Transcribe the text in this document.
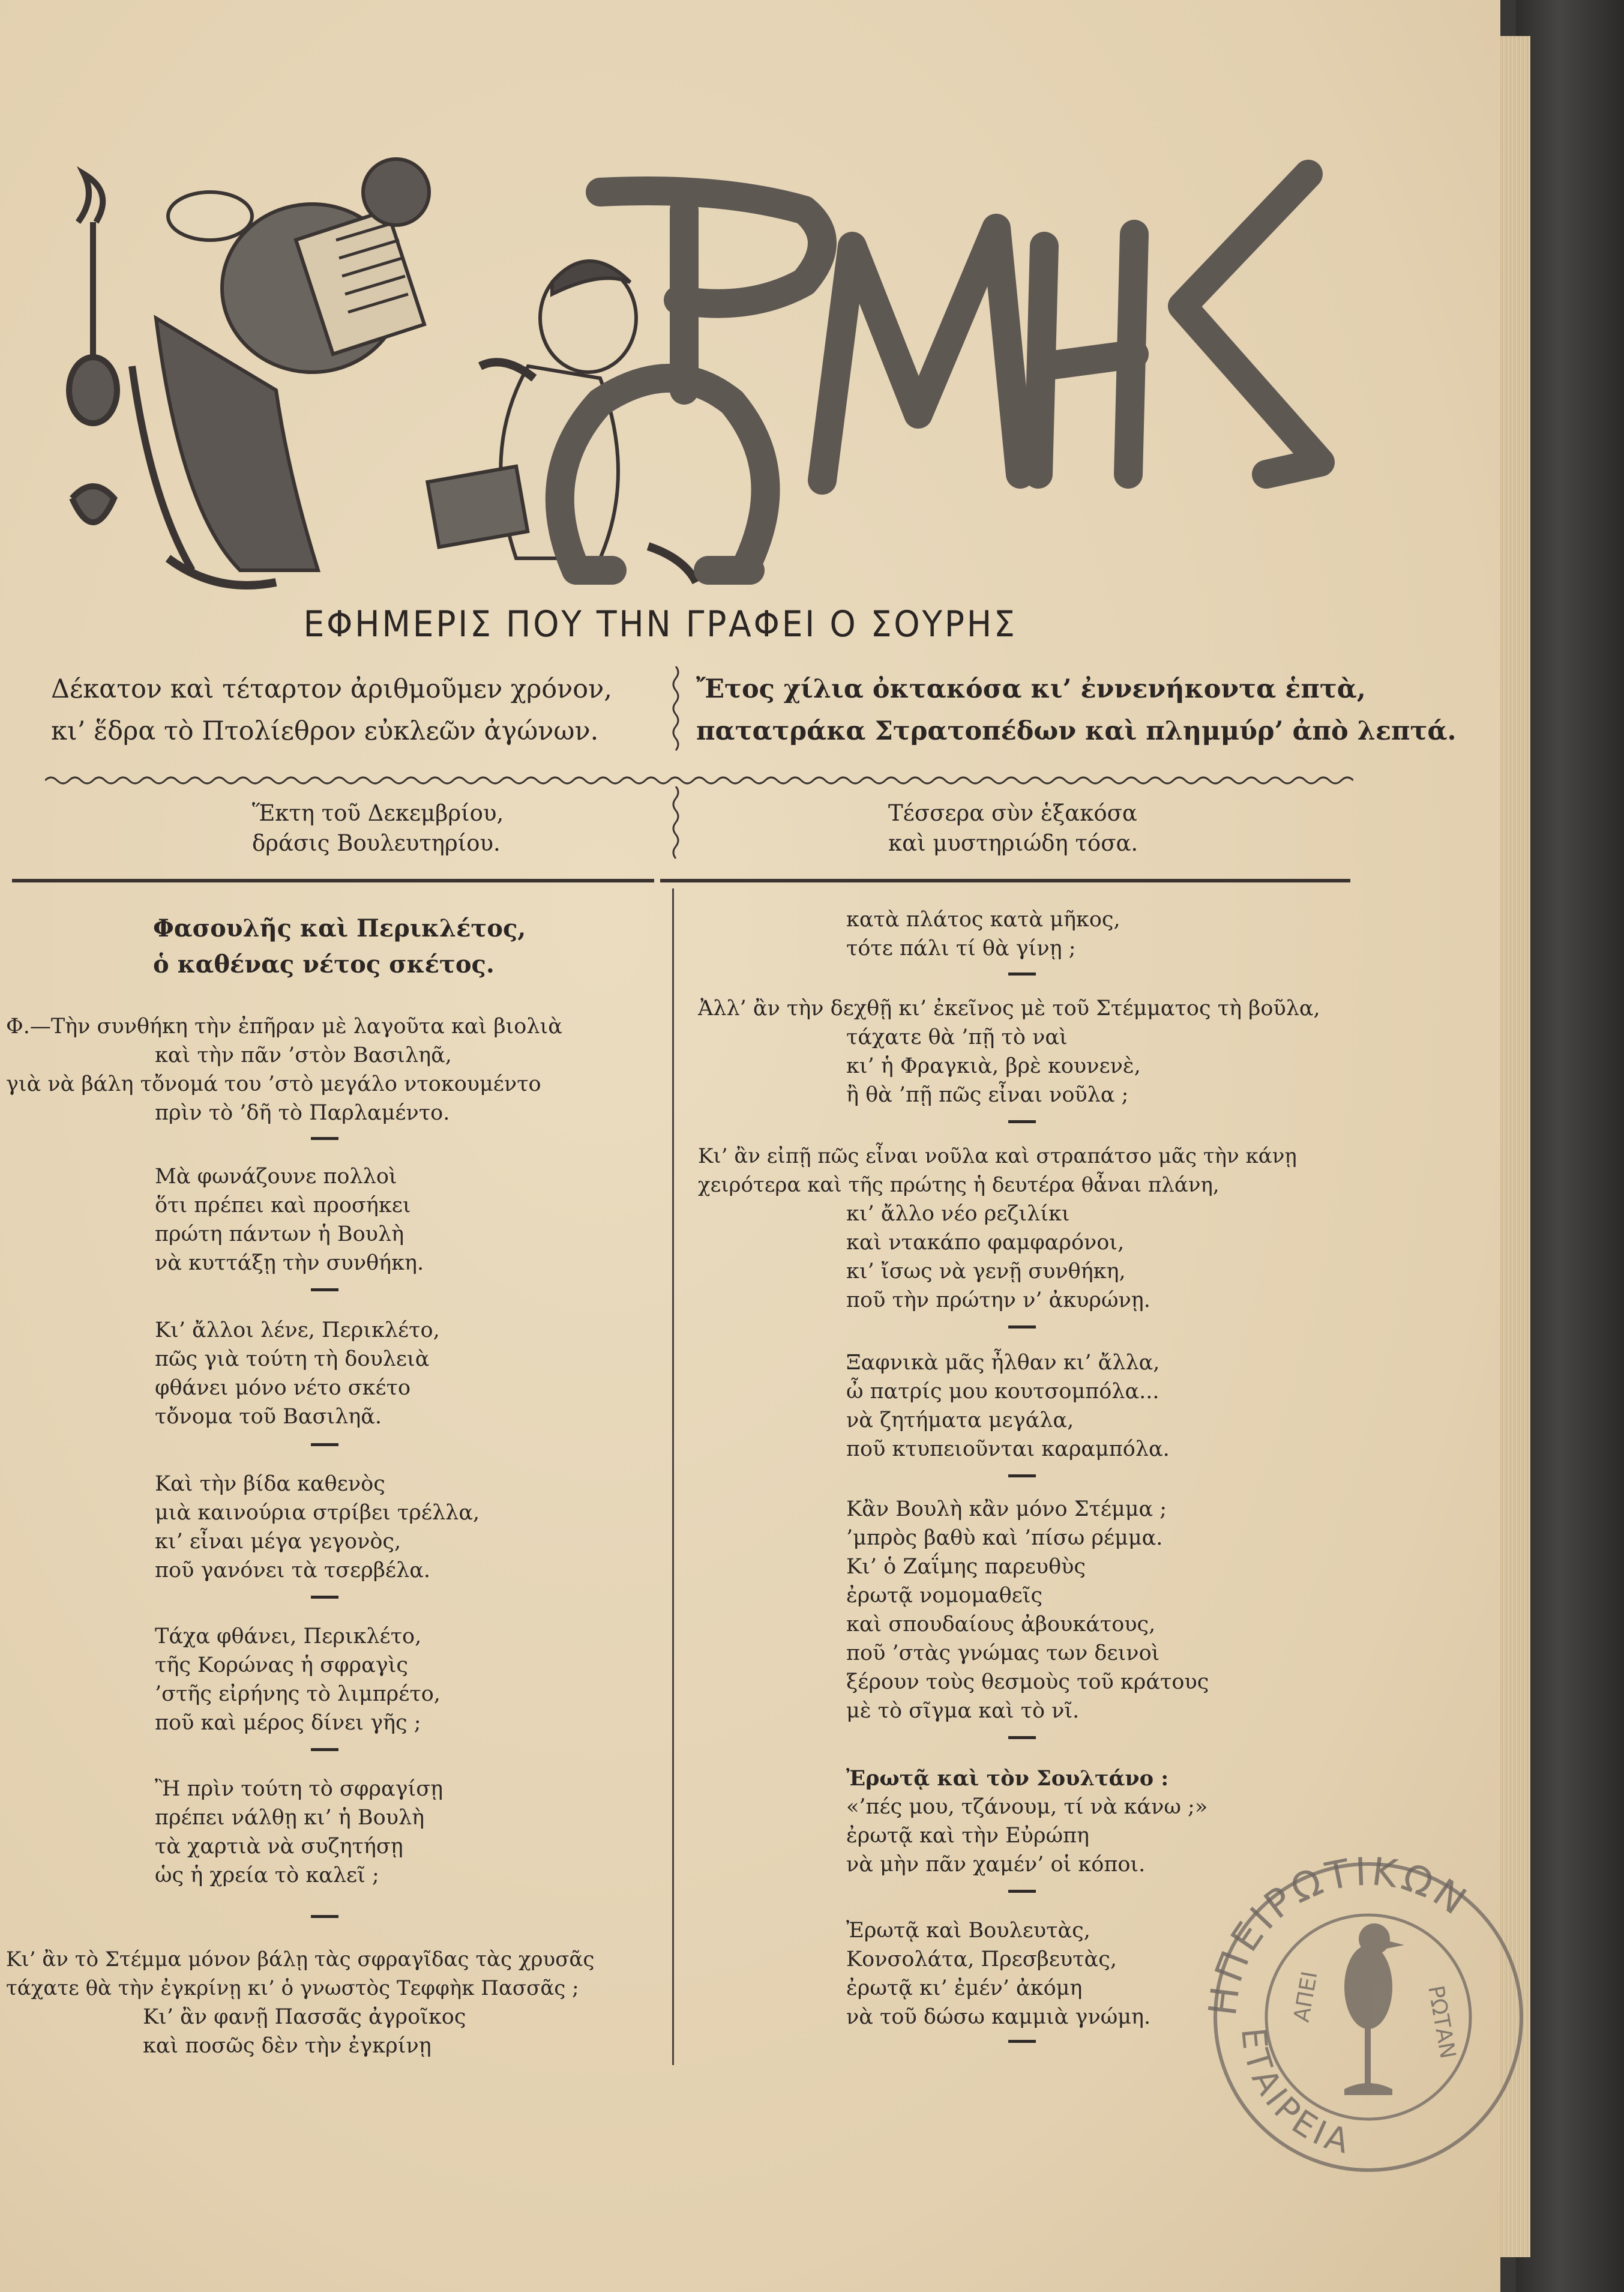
ΕΦΗΜΕΡΙΣ ΠΟΥ ΤΗΝ ΓΡΑΦΕΙ Ο ΣΟΥΡΗΣ
Δέκατον καὶ τέταρτον ἀριθμοῦμεν χρόνον,
κι’ ἕδρα τὸ Πτολίεθρον εὐκλεῶν ἀγώνων.
Ἔτος χίλια ὀκτακόσα κι’ ἐννενήκοντα ἑπτὰ,
πατατράκα Στρατοπέδων καὶ πλημμύρ’ ἀπὸ λεπτά.
Ἕκτη τοῦ Δεκεμβρίου,
δράσις Βουλευτηρίου.
Τέσσερα σὺν ἑξακόσα
καὶ μυστηριώδη τόσα.
Φασουλῆς καὶ Περικλέτος,
ὁ καθένας νέτος σκέτος.
Φ.—Τὴν συνθήκη τὴν ἐπῆραν μὲ λαγοῦτα καὶ βιολιὰ
καὶ τὴν πᾶν ’στὸν Βασιληᾶ,
γιὰ νὰ βάλη τὄνομά του ’στὸ μεγάλο ντοκουμέντο
πρὶν τὸ ’δῆ τὸ Παρλαμέντο.
Μὰ φωνάζουνε πολλοὶ
ὅτι πρέπει καὶ προσήκει
πρώτη πάντων ἡ Βουλὴ
νὰ κυττάξῃ τὴν συνθήκη.
Κι’ ἄλλοι λένε, Περικλέτο,
πῶς γιὰ τούτη τὴ δουλειὰ
φθάνει μόνο νέτο σκέτο
τὄνομα τοῦ Βασιληᾶ.
Καὶ τὴν βίδα καθενὸς
μιὰ καινούρια στρίβει τρέλλα,
κι’ εἶναι μέγα γεγονὸς,
ποῦ γανόνει τὰ τσερβέλα.
Τάχα φθάνει, Περικλέτο,
τῆς Κορώνας ἡ σφραγὶς
’στῆς εἰρήνης τὸ λιμπρέτο,
ποῦ καὶ μέρος δίνει γῆς ;
Ἢ πρὶν τούτη τὸ σφραγίσῃ
πρέπει νάλθῃ κι’ ἡ Βουλὴ
τὰ χαρτιὰ νὰ συζητήσῃ
ὡς ἡ χρεία τὸ καλεῖ ;
Κι’ ἂν τὸ Στέμμα μόνον βάλῃ τὰς σφραγῖδας τὰς χρυσᾶς
τάχατε θὰ τὴν ἐγκρίνῃ κι’ ὁ γνωστὸς Τεφφὴκ Πασσᾶς ;
Κι’ ἂν φανῇ Πασσᾶς ἀγροῖκος
καὶ ποσῶς δὲν τὴν ἐγκρίνῃ
κατὰ πλάτος κατὰ μῆκος,
τότε πάλι τί θὰ γίνῃ ;
Ἀλλ’ ἂν τὴν δεχθῇ κι’ ἐκεῖνος μὲ τοῦ Στέμματος τὴ βοῦλα,
τάχατε θὰ ’πῇ τὸ ναὶ
κι’ ἡ Φραγκιὰ, βρὲ κουνενὲ,
ἢ θὰ ’πῇ πῶς εἶναι νοῦλα ;
Κι’ ἂν εἰπῇ πῶς εἶναι νοῦλα καὶ στραπάτσο μᾶς τὴν κάνῃ
χειρότερα καὶ τῆς πρώτης ἡ δευτέρα θἆναι πλάνη,
κι’ ἄλλο νέο ρεζιλίκι
καὶ ντακάπο φαμφαρόνοι,
κι’ ἴσως νὰ γενῇ συνθήκη,
ποῦ τὴν πρώτην ν’ ἀκυρώνῃ.
Ξαφνικὰ μᾶς ἦλθαν κι’ ἄλλα,
ὦ πατρίς μου κουτσομπόλα...
νὰ ζητήματα μεγάλα,
ποῦ κτυπειοῦνται καραμπόλα.
Κἂν Βουλὴ κἂν μόνο Στέμμα ;
’μπρὸς βαθὺ καὶ ’πίσω ρέμμα.
Κι’ ὁ Ζαΐμης παρευθὺς
ἐρωτᾷ νομομαθεῖς
καὶ σπουδαίους ἀβουκάτους,
ποῦ ’στὰς γνώμας των δεινοὶ
ξέρουν τοὺς θεσμοὺς τοῦ κράτους
μὲ τὸ σῖγμα καὶ τὸ νῖ.
Ἐρωτᾷ καὶ τὸν Σουλτάνο :
«’πές μου, τζάνουμ, τί νὰ κάνω ;»
ἐρωτᾷ καὶ τὴν Εὐρώπη
νὰ μὴν πᾶν χαμέν’ οἱ κόποι.
Ἐρωτᾷ καὶ Βουλευτὰς,
Κονσολάτα, Πρεσβευτὰς,
ἐρωτᾷ κι’ ἐμέν’ ἀκόμη
νὰ τοῦ δώσω καμμιὰ γνώμη. ΗΠΕΙΡΩΤΙΚΩΝ
ΕΤΑΙΡΕΙΑ
ΑΠΕΙ	ΡΩΤΑΝ
